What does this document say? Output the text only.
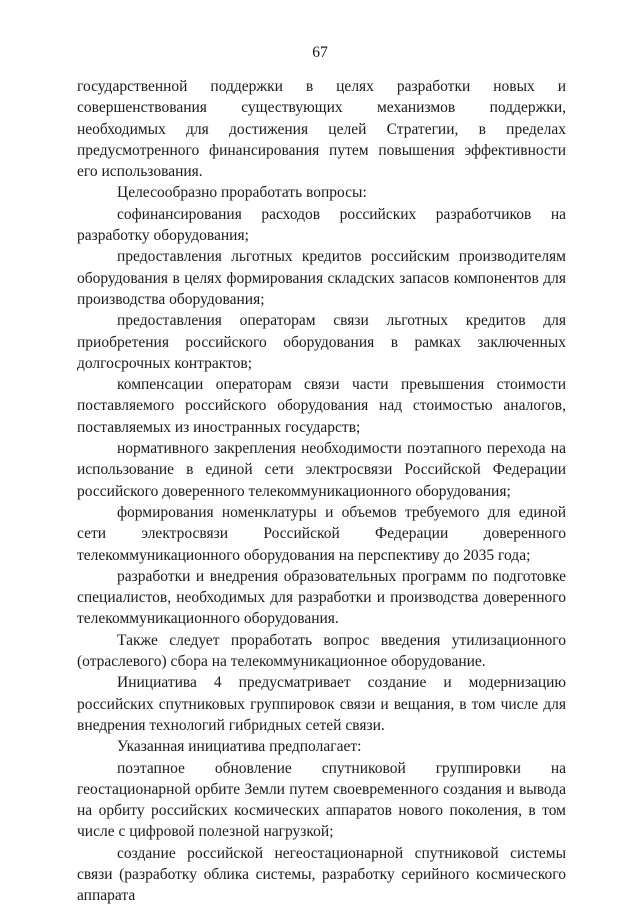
67

государственной поддержки в целях разработки новых и совершенствования существующих механизмов поддержки, необходимых для достижения целей Стратегии, в пределах предусмотренного финансирования путем повышения эффективности его использования.

Целесообразно проработать вопросы:

софинансирования расходов российских разработчиков на разработку оборудования;

предоставления льготных кредитов российским производителям оборудования в целях формирования складских запасов компонентов для производства оборудования;

предоставления операторам связи льготных кредитов для приобретения российского оборудования в рамках заключенных долгосрочных контрактов;

компенсации операторам связи части превышения стоимости поставляемого российского оборудования над стоимостью аналогов, поставляемых из иностранных государств;

нормативного закрепления необходимости поэтапного перехода на использование в единой сети электросвязи Российской Федерации российского доверенного телекоммуникационного оборудования;

формирования номенклатуры и объемов требуемого для единой сети электросвязи Российской Федерации доверенного телекоммуникационного оборудования на перспективу до 2035 года;

разработки и внедрения образовательных программ по подготовке специалистов, необходимых для разработки и производства доверенного телекоммуникационного оборудования.

Также следует проработать вопрос введения утилизационного (отраслевого) сбора на телекоммуникационное оборудование.

Инициатива 4 предусматривает создание и модернизацию российских спутниковых группировок связи и вещания, в том числе для внедрения технологий гибридных сетей связи.

Указанная инициатива предполагает:

поэтапное обновление спутниковой группировки на геостационарной орбите Земли путем своевременного создания и вывода на орбиту российских космических аппаратов нового поколения, в том числе с цифровой полезной нагрузкой;

создание российской негеостационарной спутниковой системы связи (разработку облика системы, разработку серийного космического аппарата
